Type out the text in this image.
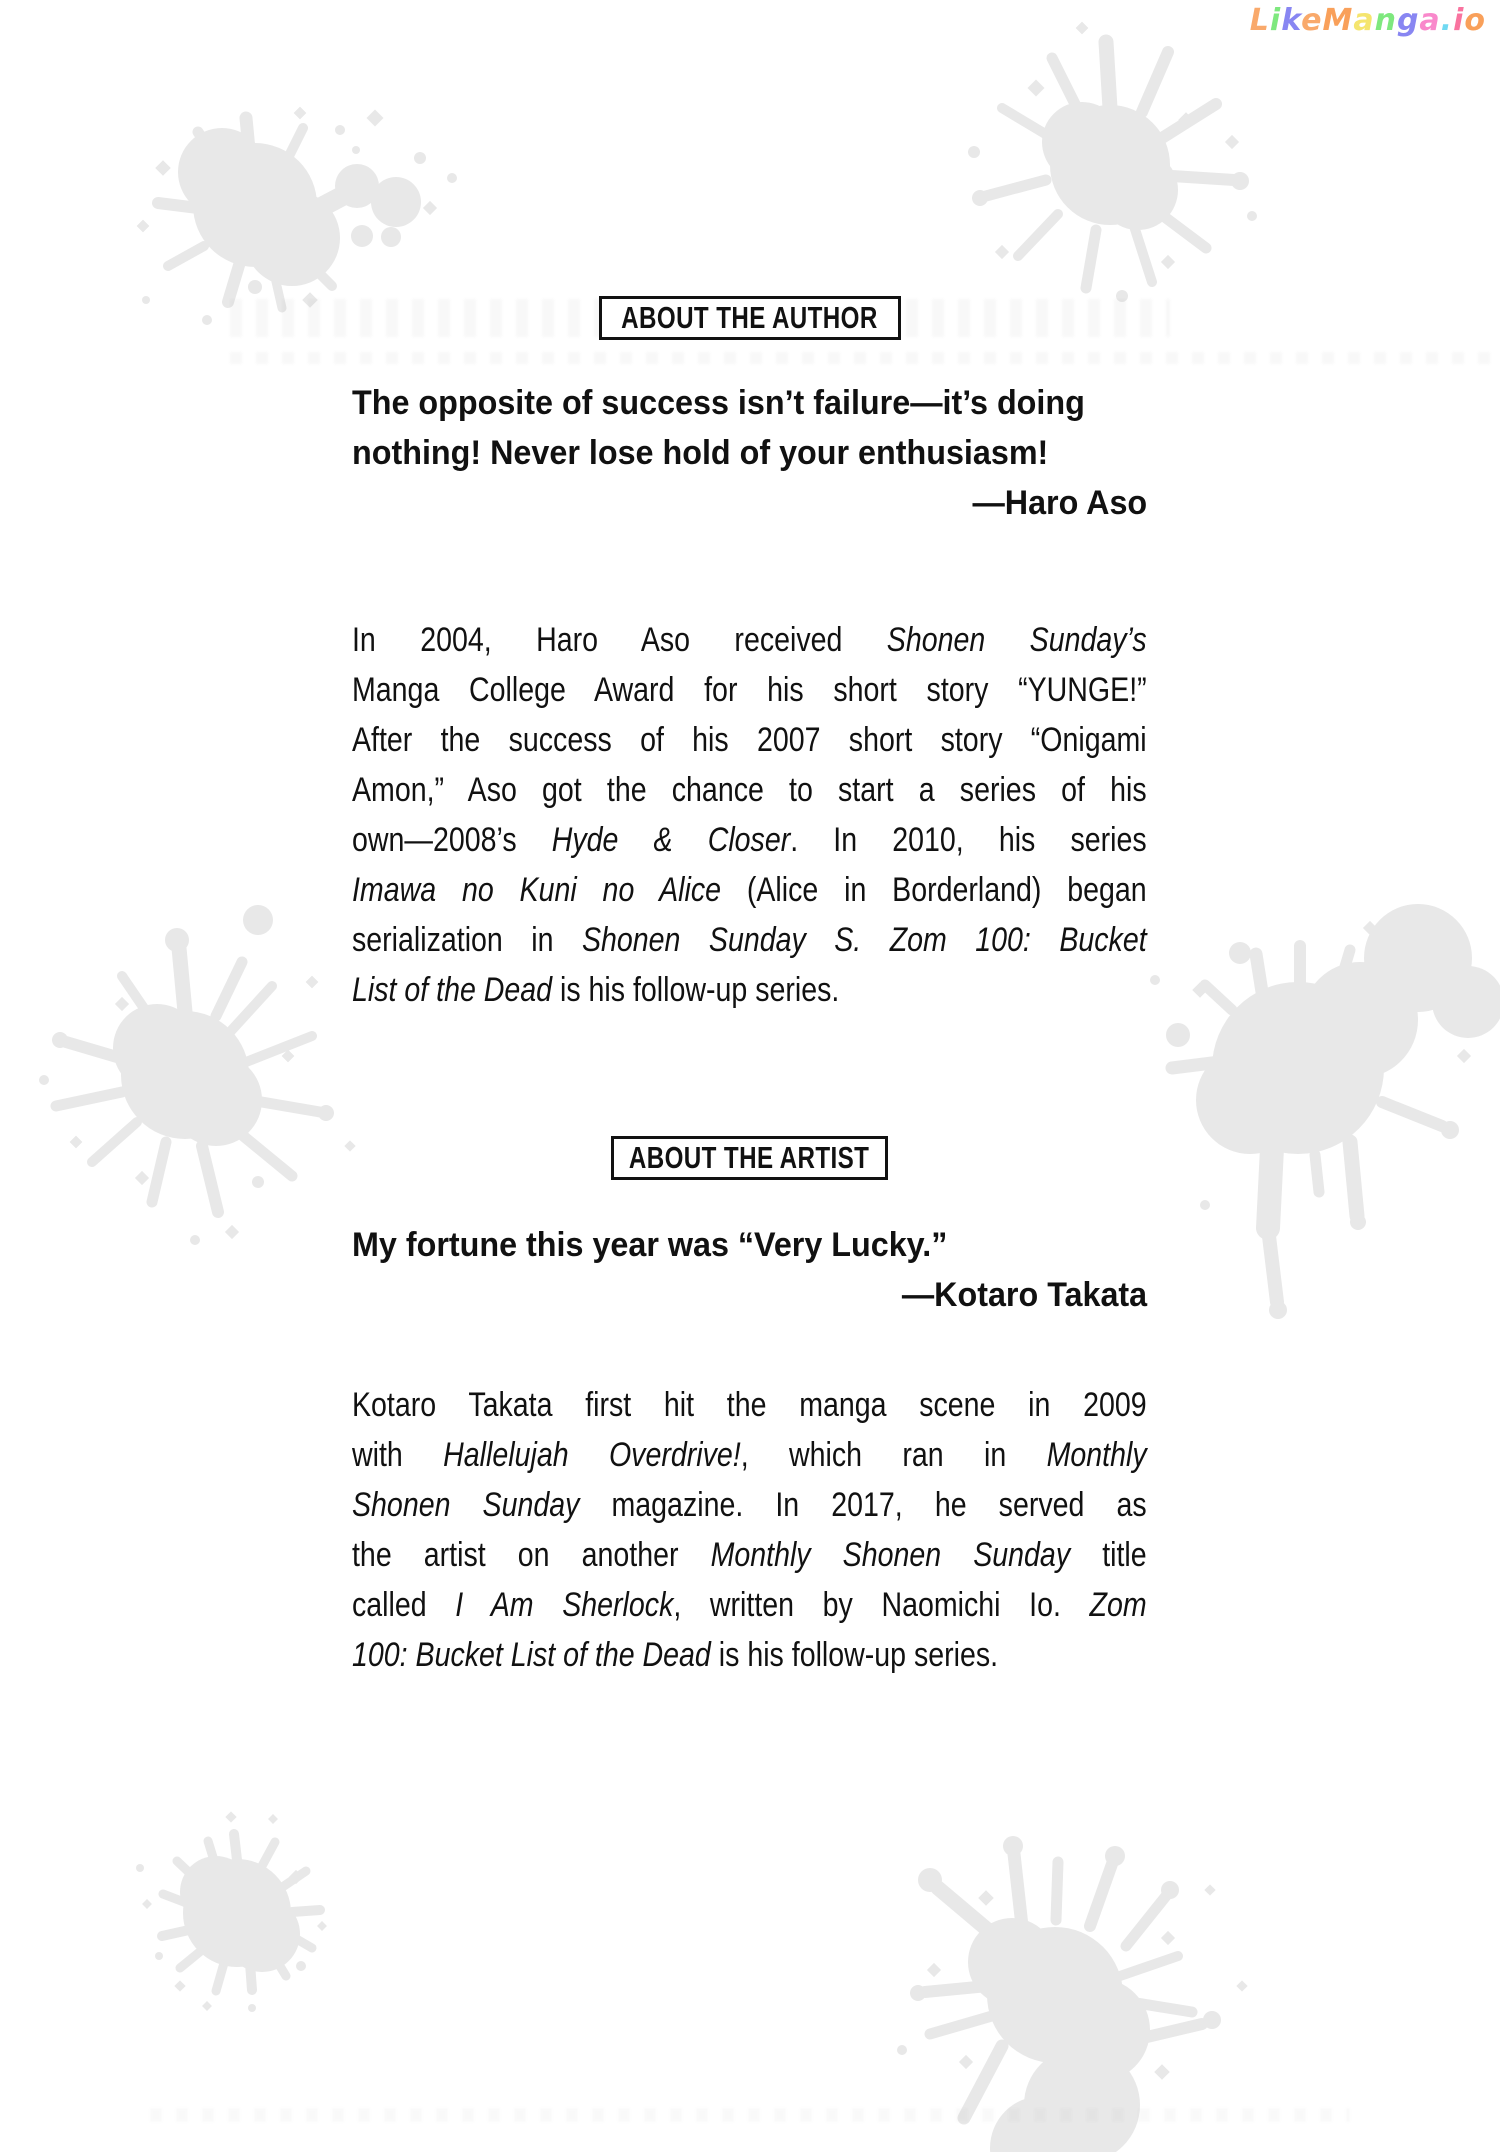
LikeManga.io
ABOUT THE AUTHOR
The opposite of success isn’t failure—it’s doing
nothing! Never lose hold of your enthusiasm!
—Haro Aso
In 2004, Haro Aso received Shonen Sunday’s
Manga College Award for his short story “YUNGE!”
After the success of his 2007 short story “Onigami
Amon,” Aso got the chance to start a series of his
own—2008’s Hyde & Closer. In 2010, his series
Imawa no Kuni no Alice (Alice in Borderland) began
serialization in Shonen Sunday S. Zom 100: Bucket
List of the Dead is his follow-up series.
ABOUT THE ARTIST
My fortune this year was “Very Lucky.”
—Kotaro Takata
Kotaro Takata first hit the manga scene in 2009
with Hallelujah Overdrive!, which ran in Monthly
Shonen Sunday magazine. In 2017, he served as
the artist on another Monthly Shonen Sunday title
called I Am Sherlock, written by Naomichi Io. Zom
100: Bucket List of the Dead is his follow-up series.
